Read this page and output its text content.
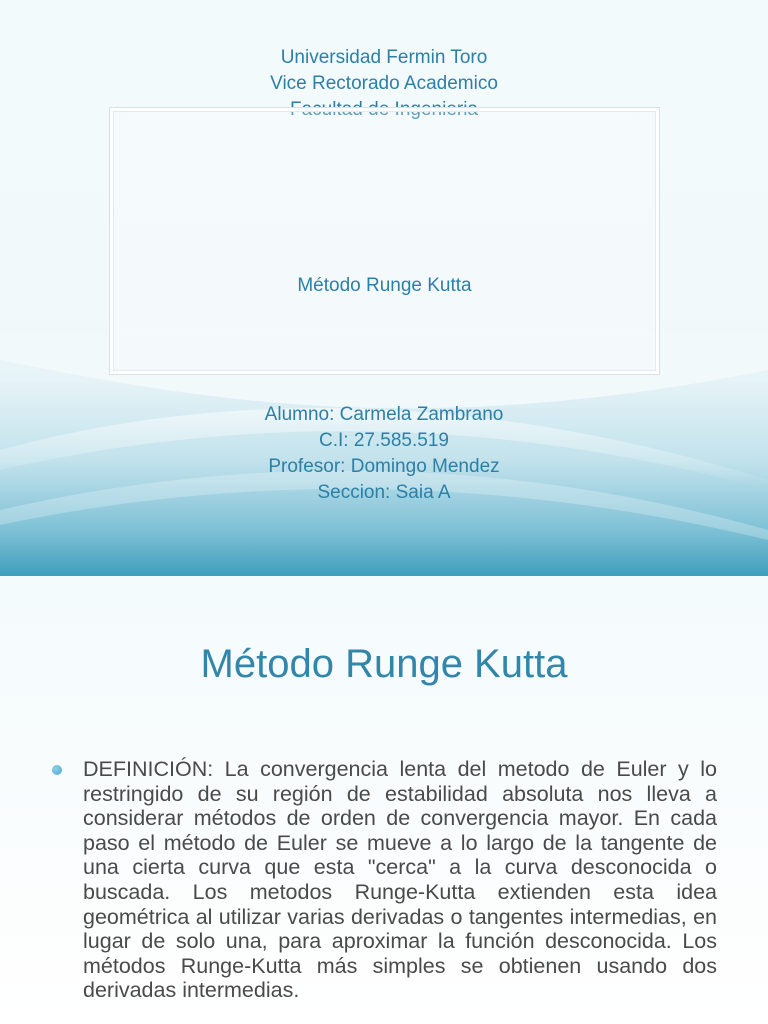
Universidad Fermin Toro
Vice Rectorado Academico
Facultad de Ingenieria
Método Runge Kutta
Alumno: Carmela Zambrano
C.I: 27.585.519
Profesor: Domingo Mendez
Seccion: Saia A
Método Runge Kutta
DEFINICIÓN: La convergencia lenta del metodo de Euler y lo restringido de su región de estabilidad absoluta nos lleva a considerar métodos de orden de convergencia mayor. En cada paso el método de Euler se mueve a lo largo de la tangente de una cierta curva que esta "cerca" a la curva desconocida o buscada. Los metodos Runge-Kutta extienden esta idea geométrica al utilizar varias derivadas o tangentes intermedias, en lugar de solo una, para aproximar la función desconocida. Los métodos Runge-Kutta más simples se obtienen usando dos derivadas intermedias.
